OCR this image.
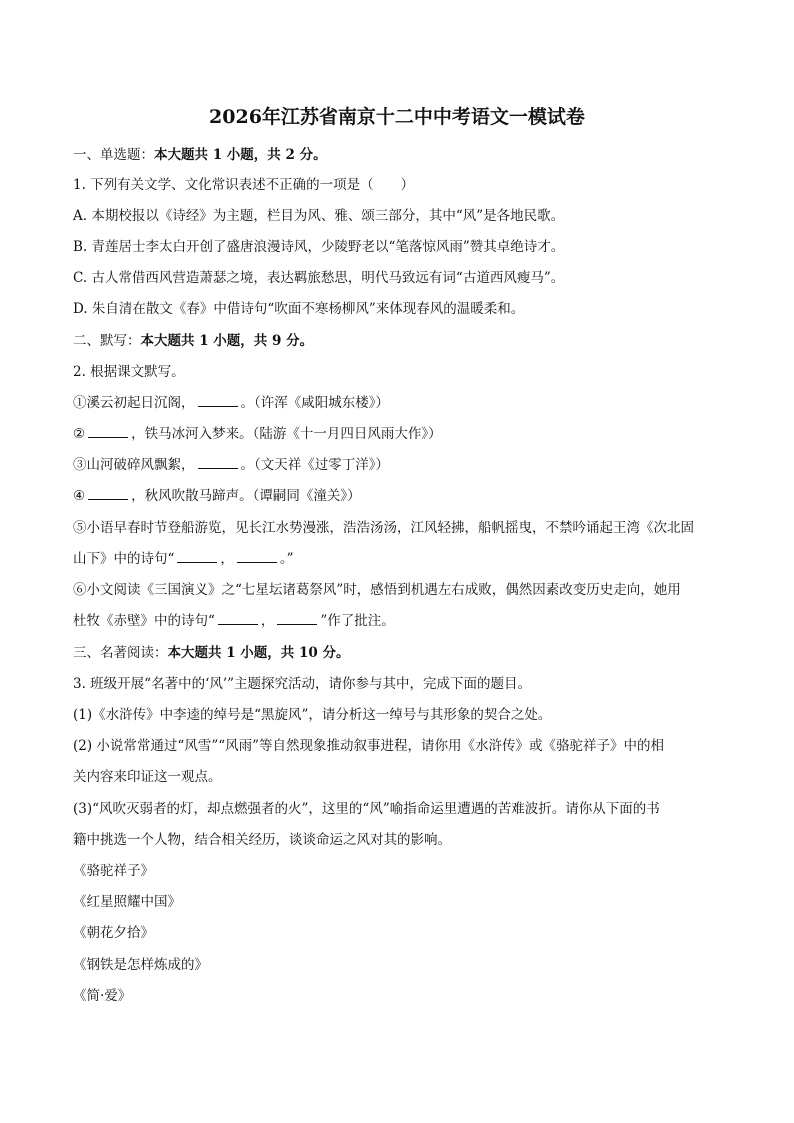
2026年江苏省南京十二中中考语文一模试卷
一、单选题：本大题共 1 小题，共 2 分。
1. 下列有关文学、文化常识表述不正确的一项是（　　）
A. 本期校报以《诗经》为主题，栏目为风、雅、颂三部分，其中“风”是各地民歌。
B. 青莲居士李太白开创了盛唐浪漫诗风，少陵野老以“笔落惊风雨”赞其卓绝诗才。
C. 古人常借西风营造萧瑟之境，表达羁旅愁思，明代马致远有词“古道西风瘦马”。
D. 朱自清在散文《春》中借诗句“吹面不寒杨柳风”来体现春风的温暖柔和。
二、默写：本大题共 1 小题，共 9 分。
2. 根据课文默写。
①溪云初起日沉阁，	。（许浑《咸阳城东楼》）
②	，铁马冰河入梦来。（陆游《十一月四日风雨大作》）
③山河破碎风飘絮，	。（文天祥《过零丁洋》）
④	，秋风吹散马蹄声。（谭嗣同《潼关》）
⑤小语早春时节登船游览，见长江水势漫涨，浩浩汤汤，江风轻拂，船帆摇曳，不禁吟诵起王湾《次北固
山下》中的诗句“	，	。”
⑥小文阅读《三国演义》之“七星坛诸葛祭风”时，感悟到机遇左右成败，偶然因素改变历史走向，她用
杜牧《赤壁》中的诗句“	，	”作了批注。
三、名著阅读：本大题共 1 小题，共 10 分。
3. 班级开展“名著中的‘风’”主题探究活动，请你参与其中，完成下面的题目。
(1)《水浒传》中李逵的绰号是“黑旋风”，请分析这一绰号与其形象的契合之处。
(2) 小说常常通过“风雪”“风雨”等自然现象推动叙事进程，请你用《水浒传》或《骆驼祥子》中的相
关内容来印证这一观点。
(3)“风吹灭弱者的灯，却点燃强者的火”，这里的“风”喻指命运里遭遇的苦难波折。请你从下面的书
籍中挑选一个人物，结合相关经历，谈谈命运之风对其的影响。
《骆驼祥子》
《红星照耀中国》
《朝花夕拾》
《钢铁是怎样炼成的》
《简·爱》
